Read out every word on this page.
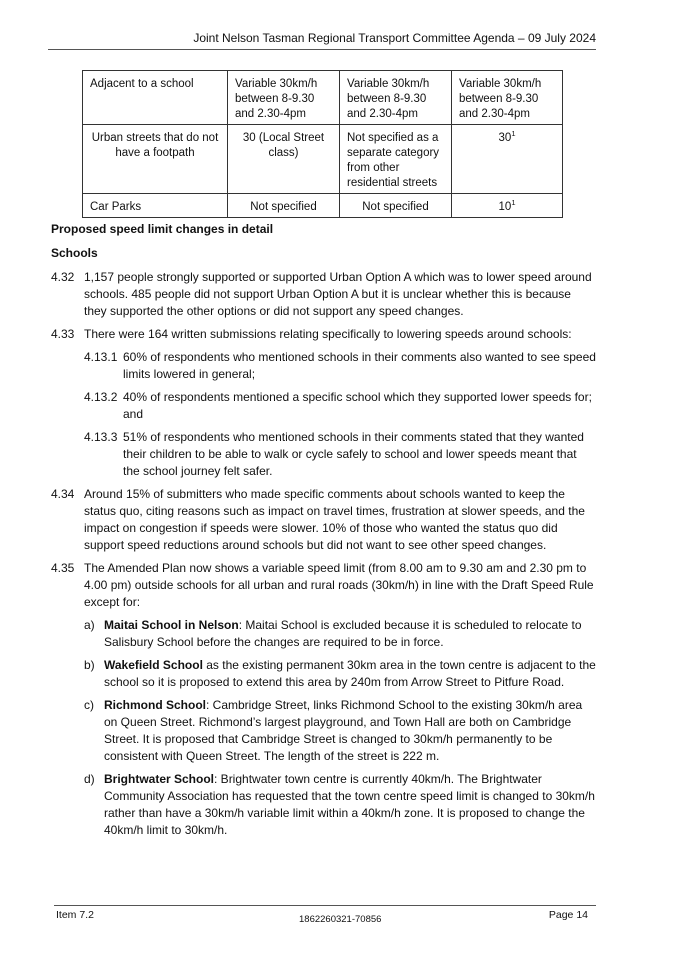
Joint Nelson Tasman Regional Transport Committee Agenda – 09 July 2024
Adjacent to a school	Variable 30km/h between 8-9.30 and 2.30-4pm	Variable 30km/h between 8-9.30 and 2.30-4pm	Variable 30km/h between 8-9.30 and 2.30-4pm
Urban streets that do not have a footpath	30 (Local Street class)	Not specified as a separate category from other residential streets	$30^1$
Car Parks	Not specified	Not specified	$10^1$
Proposed speed limit changes in detail
Schools
4.32 1,157 people strongly supported or supported Urban Option A which was to lower speed around schools. 485 people did not support Urban Option A but it is unclear whether this is because they supported the other options or did not support any speed changes.
4.33 There were 164 written submissions relating specifically to lowering speeds around schools:
4.13.1 60% of respondents who mentioned schools in their comments also wanted to see speed limits lowered in general;
4.13.2 40% of respondents mentioned a specific school which they supported lower speeds for; and
4.13.3 51% of respondents who mentioned schools in their comments stated that they wanted their children to be able to walk or cycle safely to school and lower speeds meant that the school journey felt safer.
4.34 Around 15% of submitters who made specific comments about schools wanted to keep the status quo, citing reasons such as impact on travel times, frustration at slower speeds, and the impact on congestion if speeds were slower. 10% of those who wanted the status quo did support speed reductions around schools but did not want to see other speed changes.
4.35 The Amended Plan now shows a variable speed limit (from 8.00 am to 9.30 am and 2.30 pm to 4.00 pm) outside schools for all urban and rural roads (30km/h) in line with the Draft Speed Rule except for:
a) Maitai School in Nelson: Maitai School is excluded because it is scheduled to relocate to Salisbury School before the changes are required to be in force.
b) Wakefield School as the existing permanent 30km area in the town centre is adjacent to the school so it is proposed to extend this area by 240m from Arrow Street to Pitfure Road.
c) Richmond School: Cambridge Street, links Richmond School to the existing 30km/h area on Queen Street. Richmond’s largest playground, and Town Hall are both on Cambridge Street. It is proposed that Cambridge Street is changed to 30km/h permanently to be consistent with Queen Street. The length of the street is 222 m.
d) Brightwater School: Brightwater town centre is currently 40km/h. The Brightwater Community Association has requested that the town centre speed limit is changed to 30km/h rather than have a 30km/h variable limit within a 40km/h zone. It is proposed to change the 40km/h limit to 30km/h.
Item 7.2	1862260321-70856	Page 14
